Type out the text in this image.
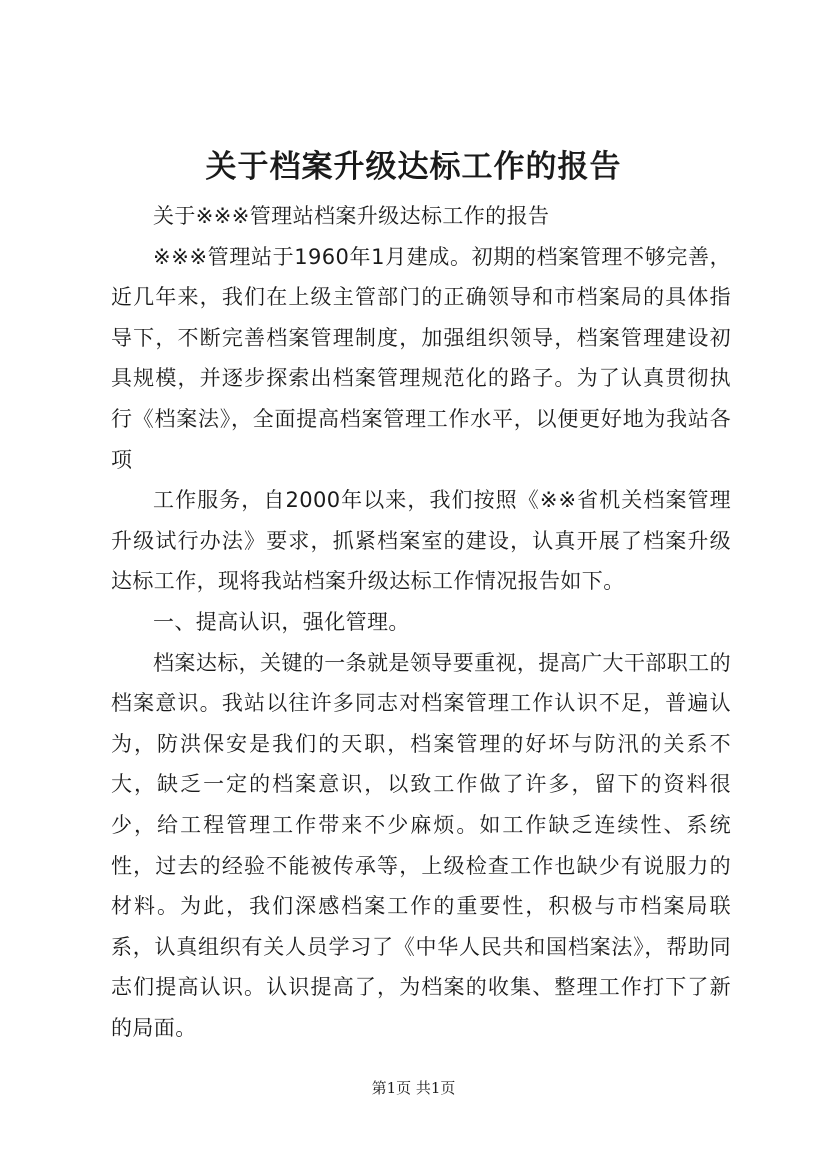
关于档案升级达标工作的报告

关于※※※管理站档案升级达标工作的报告

※※※管理站于1960年1月建成。初期的档案管理不够完善，近几年来，我们在上级主管部门的正确领导和市档案局的具体指导下，不断完善档案管理制度，加强组织领导，档案管理建设初具规模，并逐步探索出档案管理规范化的路子。为了认真贯彻执行《档案法》，全面提高档案管理工作水平，以便更好地为我站各项

工作服务，自2000年以来，我们按照《※※省机关档案管理升级试行办法》要求，抓紧档案室的建设，认真开展了档案升级达标工作，现将我站档案升级达标工作情况报告如下。

一、提高认识，强化管理。

档案达标，关键的一条就是领导要重视，提高广大干部职工的档案意识。我站以往许多同志对档案管理工作认识不足，普遍认为，防洪保安是我们的天职，档案管理的好坏与防汛的关系不大，缺乏一定的档案意识，以致工作做了许多，留下的资料很少，给工程管理工作带来不少麻烦。如工作缺乏连续性、系统性，过去的经验不能被传承等，上级检查工作也缺少有说服力的材料。为此，我们深感档案工作的重要性，积极与市档案局联系，认真组织有关人员学习了《中华人民共和国档案法》，帮助同志们提高认识。认识提高了，为档案的收集、整理工作打下了新的局面。

第1页 共1页
